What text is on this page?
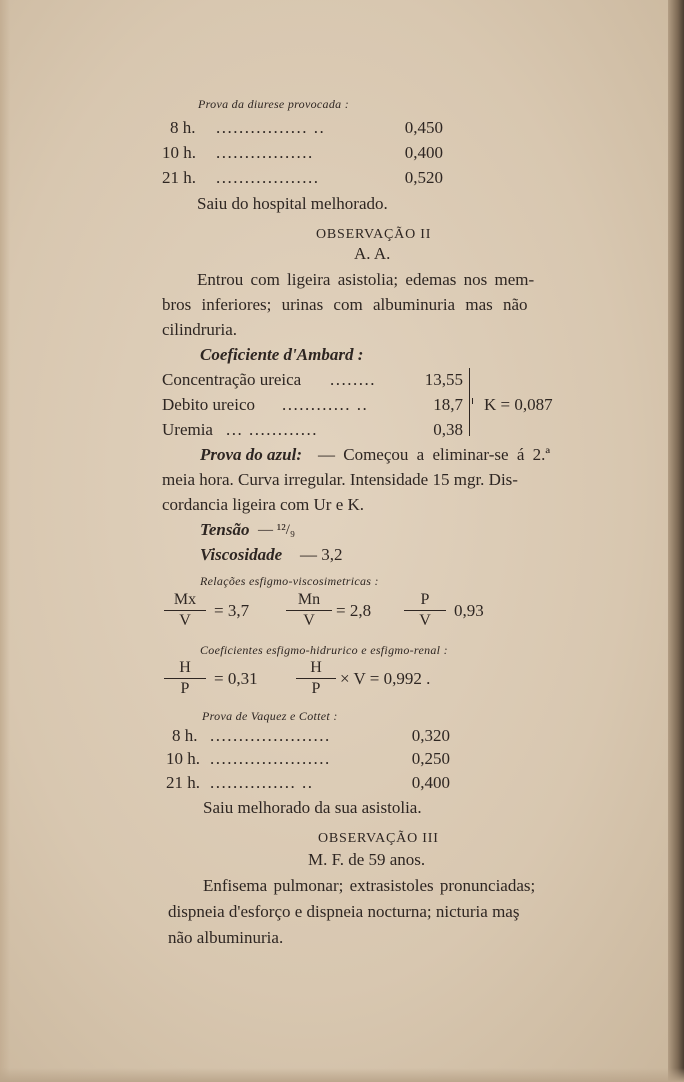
Prova da diurese provocada :
8 h. ................ ..	0,450
10 h. .................	0,400
21 h. ..................	0,520
Saiu do hospital melhorado.
OBSERVAÇÃO II
A. A.
Entrou com ligeira asistolia; edemas nos mem-
bros inferiores; urinas com albuminuria mas não
cilindruria.
Coeficiente d'Ambard :
Concentração ureica ........	13,55
Debito ureico ............ ..	18,7
Uremia ... ............	0,38
K = 0,087
Prova do azul: — Começou a eliminar-se á 2.ª
meia hora. Curva irregular. Intensidade 15 mgr. Dis-
cordancia ligeira com Ur e K.
Tensão — ¹²/₉
Viscosidade — 3,2
Relações esfigmo-viscosimetricas :
Mx
V
= 3,7
Mn
V
= 2,8
P
V
0,93
Coeficientes esfigmo-hidrurico e esfigmo-renal :
H
P
= 0,31
H
P
× V = 0,992 .
Prova de Vaquez e Cottet :
8 h. .....................	0,320
10 h. .....................	0,250
21 h. ............... ..	0,400
Saiu melhorado da sua asistolia.
OBSERVAÇÃO III
M. F. de 59 anos.
Enfisema pulmonar; extrasistoles pronunciadas;
dispneia d'esforço e dispneia nocturna; nicturia maş
não albuminuria.
